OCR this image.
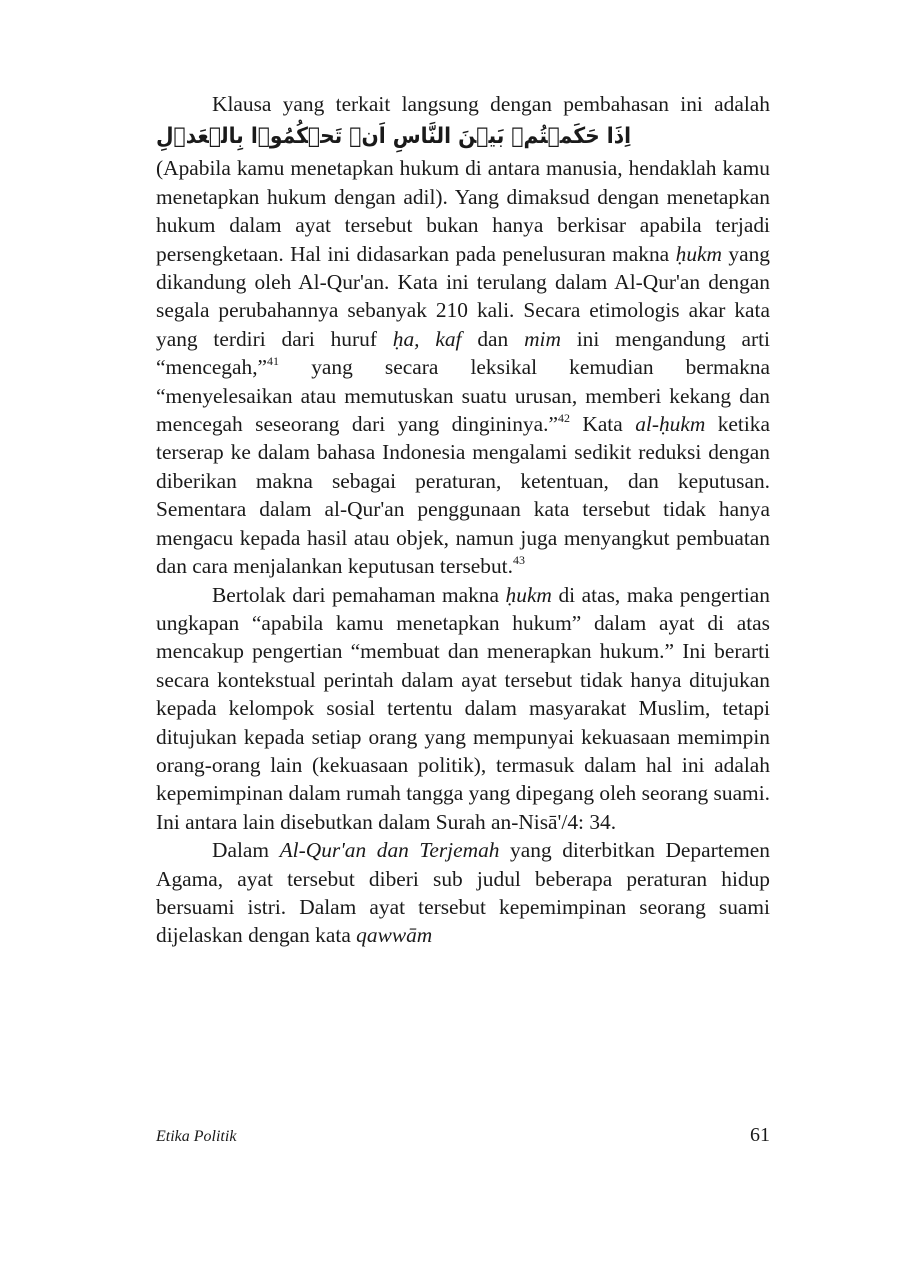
Klausa yang terkait langsung dengan pembahasan ini adalah اِذَا حَكَمۡتُمۡ بَيۡنَ النَّاسِ اَنۡ تَحۡكُمُوۡا بِالۡعَدۡلِ (Apabila kamu menetapkan hukum di antara manusia, hendaklah kamu menetapkan hukum dengan adil). Yang dimaksud dengan menetapkan hukum dalam ayat tersebut bukan hanya berkisar apabila terjadi persengketaan. Hal ini didasarkan pada penelusuran makna ḥukm yang dikandung oleh Al-Qur'an. Kata ini terulang dalam Al-Qur'an dengan segala perubahannya sebanyak 210 kali. Secara etimologis akar kata yang terdiri dari huruf ḥa, kaf dan mim ini mengandung arti “mencegah,”$^{41}$ yang secara leksikal kemudian bermakna “menyelesaikan atau memutuskan suatu urusan, memberi kekang dan mencegah seseorang dari yang dingininya.”$^{42}$ Kata al-ḥukm ketika terserap ke dalam bahasa Indonesia mengalami sedikit reduksi dengan diberikan makna sebagai peraturan, ketentuan, dan keputusan. Sementara dalam al-Qur'an penggunaan kata tersebut tidak hanya mengacu kepada hasil atau objek, namun juga menyangkut pembuatan dan cara menjalankan keputusan tersebut.$^{43}$

Bertolak dari pemahaman makna ḥukm di atas, maka pengertian ungkapan “apabila kamu menetapkan hukum” dalam ayat di atas mencakup pengertian “membuat dan menerapkan hukum.” Ini berarti secara kontekstual perintah dalam ayat tersebut tidak hanya ditujukan kepada kelompok sosial tertentu dalam masyarakat Muslim, tetapi ditujukan kepada setiap orang yang mempunyai kekuasaan memimpin orang-orang lain (kekuasaan politik), termasuk dalam hal ini adalah kepemimpinan dalam rumah tangga yang dipegang oleh seorang suami. Ini antara lain disebutkan dalam Surah an-Nisā'/4: 34.

Dalam Al-Qur'an dan Terjemah yang diterbitkan Departemen Agama, ayat tersebut diberi sub judul beberapa peraturan hidup bersuami istri. Dalam ayat tersebut kepemimpinan seorang suami dijelaskan dengan kata qawwām

Etika Politik	61
